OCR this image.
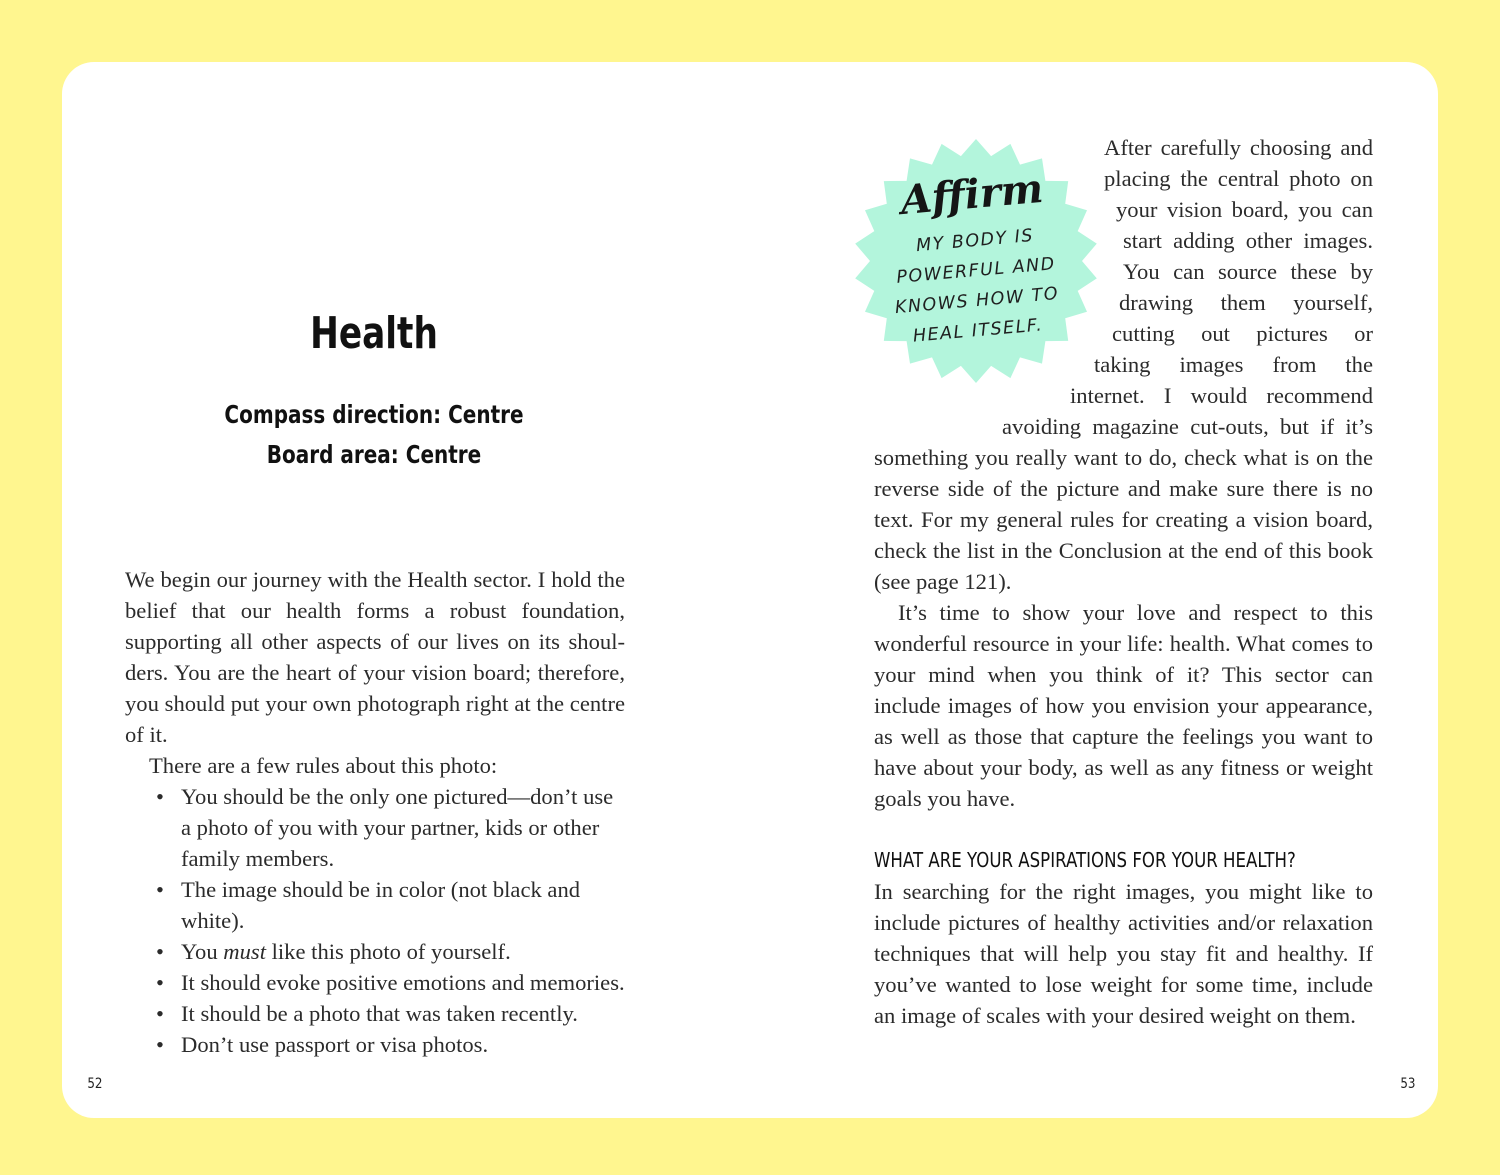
Health
Compass direction: Centre
Board area: Centre

We begin our journey with the Health sector. I hold the belief that our health forms a robust foundation, supporting all other aspects of our lives on its shoul-ders. You are the heart of your vision board; therefore, you should put your own photograph right at the centre of it.

There are a few rules about this photo:

• You should be the only one pictured—don’t use a photo of you with your partner, kids or other family members.
• The image should be in color (not black and white).
• You must like this photo of yourself.
• It should evoke positive emotions and memories.
• It should be a photo that was taken recently.
• Don’t use passport or visa photos.
52
Affirm
MY BODY IS
POWERFUL AND
KNOWS HOW TO
HEAL ITSELF.

After carefully choosing and placing the central photo on your vision board, you can start adding other images. You can source these by drawing them yourself, cutting out pictures or taking images from the internet. I would recommend avoiding magazine cut-outs, but if it’s something you really want to do, check what is on the reverse side of the picture and make sure there is no text. For my general rules for creating a vision board, check the list in the Conclusion at the end of this book (see page 121).

It’s time to show your love and respect to this wonderful resource in your life: health. What comes to your mind when you think of it? This sector can include images of how you envision your appearance, as well as those that capture the feelings you want to have about your body, as well as any fitness or weight goals you have.

WHAT ARE YOUR ASPIRATIONS FOR YOUR HEALTH?

In searching for the right images, you might like to include pictures of healthy activities and/or relaxation techniques that will help you stay fit and healthy. If you’ve wanted to lose weight for some time, include an image of scales with your desired weight on them.

53
